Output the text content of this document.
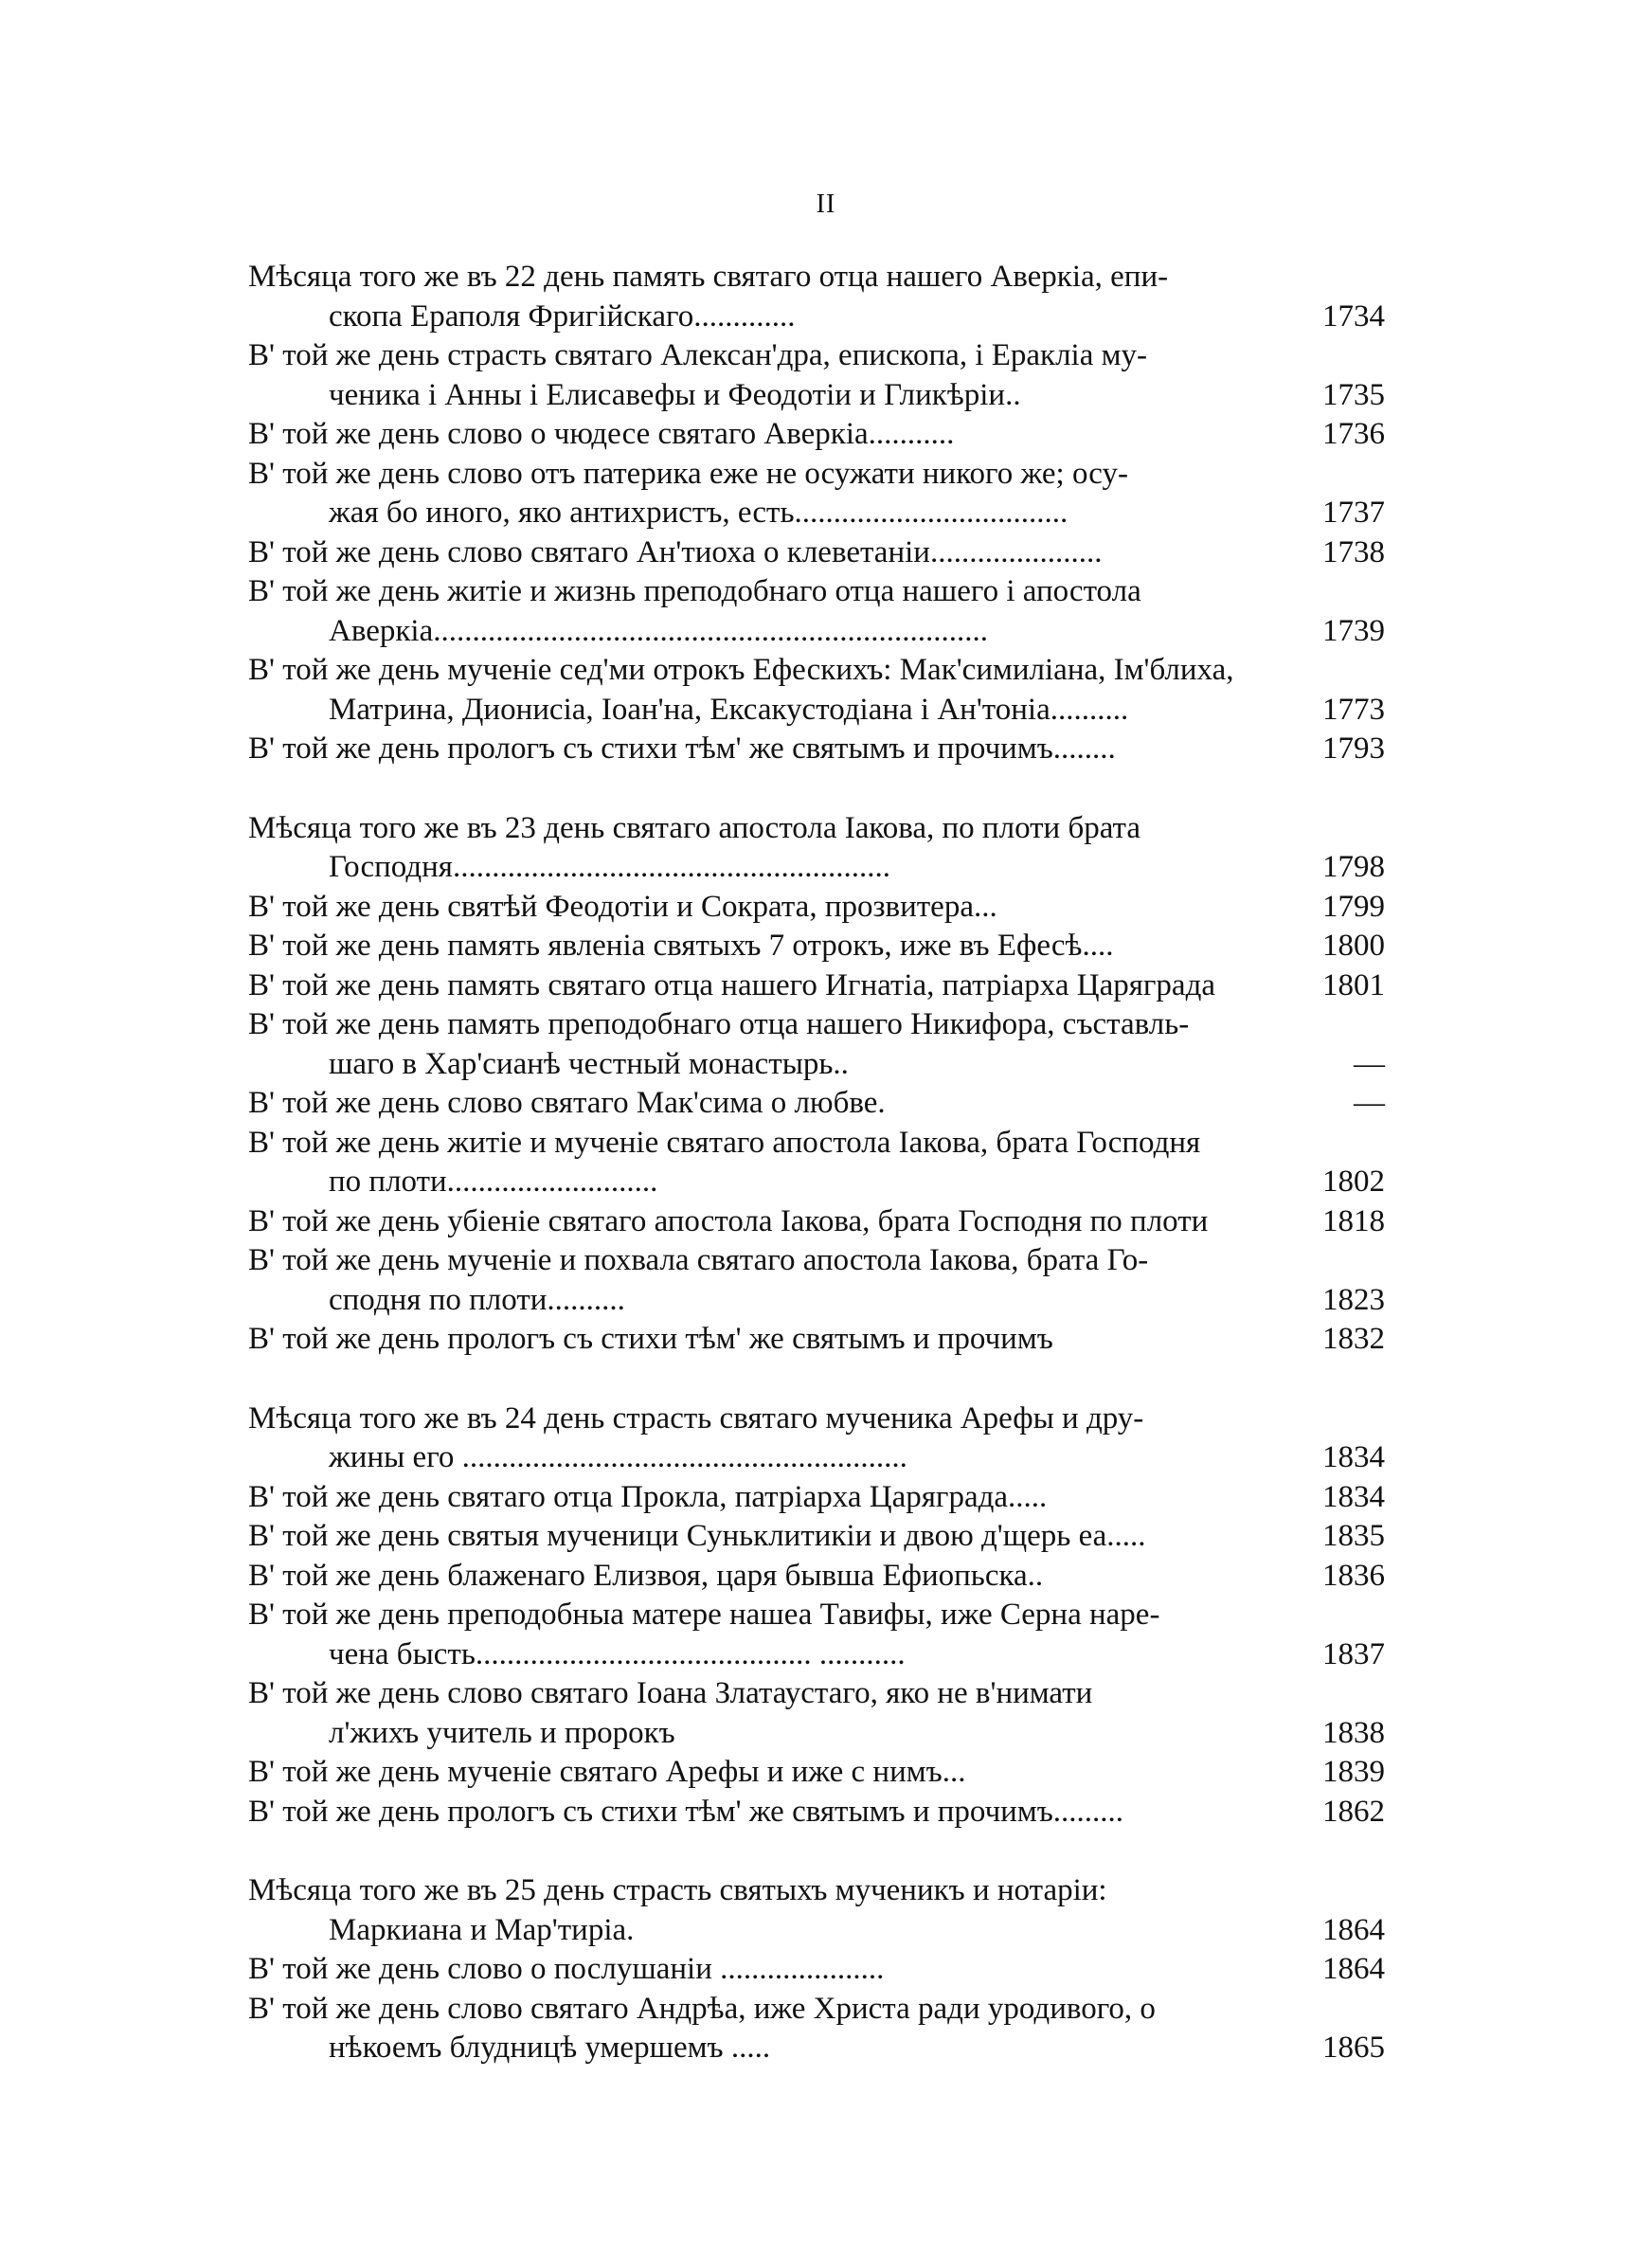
II
Мѣсяца того же въ 22 день память святаго отца нашего Аверкіа, епи-
скопа Ераполя Фригійскаго.............	1734
В' той же день страсть святаго Алексан'дра, епископа, і Еракліа му-
ченика і Анны і Елисавефы и Феодотіи и Гликѣріи..	1735
В' той же день слово о чюдесе святаго Аверкіа...........	1736
В' той же день слово отъ патерика еже не осужати никого же; осу-
жая бо иного, яко антихристъ, есть...................................	1737
В' той же день слово святаго Ан'тиоха о клеветаніи......................	1738
В' той же день житіе и жизнь преподобнаго отца нашего і апостола
Аверкіа.......................................................................	1739
В' той же день мученіе сед'ми отрокъ Ефескихъ: Мак'симиліана, Ім'блиха,
Матрина, Дионисіа, Іоан'на, Ексакустодіана і Ан'тоніа..........	1773
В' той же день прологъ съ стихи тѣм' же святымъ и прочимъ........	1793
Мѣсяца того же въ 23 день святаго апостола Іакова, по плоти брата
Господня........................................................	1798
В' той же день святѣй Феодотіи и Сократа, прозвитера...	1799
В' той же день память явленіа святыхъ 7 отрокъ, иже въ Ефесѣ....	1800
В' той же день память святаго отца нашего Игнатіа, патріарха Царяграда	1801
В' той же день память преподобнаго отца нашего Никифора, съставль-
шаго в Хар'сианѣ честный монастырь..	—
В' той же день слово святаго Мак'сима о любве.	—
В' той же день житіе и мученіе святаго апостола Іакова, брата Господня
по плоти...........................	1802
В' той же день убіеніе святаго апостола Іакова, брата Господня по плоти	1818
В' той же день мученіе и похвала святаго апостола Іакова, брата Го-
сподня по плоти..........	1823
В' той же день прологъ съ стихи тѣм' же святымъ и прочимъ	1832
Мѣсяца того же въ 24 день страсть святаго мученика Арефы и дру-
жины его .........................................................	1834
В' той же день святаго отца Прокла, патріарха Царяграда.....	1834
В' той же день святыя мученици Суньклитикіи и двою д'щерь еа.....	1835
В' той же день блаженаго Елизвоя, царя бывша Ефиопьска..	1836
В' той же день преподобныа матере нашеа Тавифы, иже Серна наре-
чена бысть........................................... ...........	1837
В' той же день слово святаго Іоана Златаустаго, яко не в'нимати
л'жихъ учитель и пророкъ	1838
В' той же день мученіе святаго Арефы и иже с нимъ...	1839
В' той же день прологъ съ стихи тѣм' же святымъ и прочимъ.........	1862
Мѣсяца того же въ 25 день страсть святыхъ мученикъ и нотаріи:
Маркиана и Мар'тиріа.	1864
В' той же день слово о послушаніи .....................	1864
В' той же день слово святаго Андрѣа, иже Христа ради уродивого, о
нѣкоемъ блудницѣ умершемъ .....	1865
